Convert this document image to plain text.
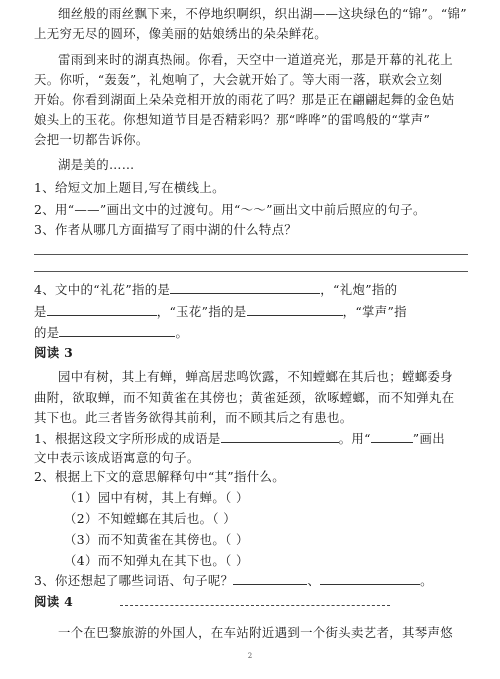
细丝般的雨丝飘下来，不停地织啊织，织出湖——这块绿色的“锦”。“锦”
上无穷无尽的圆环，像美丽的姑娘绣出的朵朵鲜花。
雷雨到来时的湖真热闹。你看，天空中一道道亮光，那是开幕的礼花上
天。你听，“轰轰”，礼炮响了，大会就开始了。等大雨一落，联欢会立刻
开始。你看到湖面上朵朵竞相开放的雨花了吗？那是正在翩翩起舞的金色姑
娘头上的玉花。你想知道节目是否精彩吗？那“哗哗”的雷鸣般的“掌声”
会把一切都告诉你。
湖是美的……
1、给短文加上题目,写在横线上。
2、用“——”画出文中的过渡句。用“～～”画出文中前后照应的句子。
3、作者从哪几方面描写了雨中湖的什么特点？
4、文中的“礼花”指的是	，“礼炮”指的
是	，“玉花”指的是	，“掌声”指
的是	。
阅读 3
园中有树，其上有蝉，蝉高居悲鸣饮露，不知螳螂在其后也；螳螂委身
曲附，欲取蝉，而不知黄雀在其傍也；黄雀延颈，欲啄螳螂，而不知弹丸在
其下也。此三者皆务欲得其前利，而不顾其后之有患也。
1、根据这段文字所形成的成语是	。用“	”画出
文中表示该成语寓意的句子。
2、根据上下文的意思解释句中“其”指什么。
（1）园中有树，其上有蝉。（ ）
（2）不知螳螂在其后也。（ ）
（3）而不知黄雀在其傍也。（ ）
（4）而不知弹丸在其下也。（ ）
3、你还想起了哪些词语、句子呢？	、	。
阅读 4
一个在巴黎旅游的外国人，在车站附近遇到一个街头卖艺者，其琴声悠
2
